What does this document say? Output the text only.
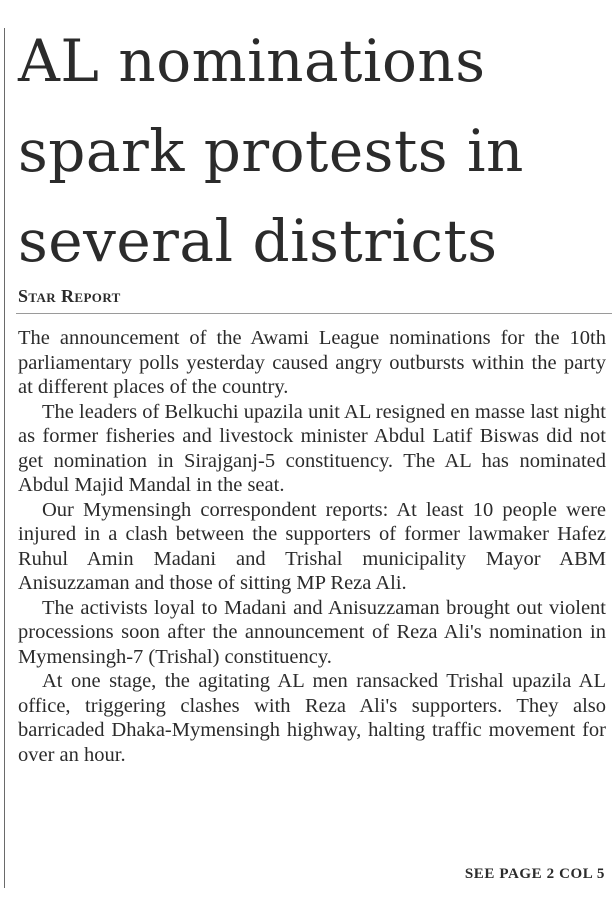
AL nominations spark protests in several districts
Star Report

The announcement of the Awami League nominations for the 10th parliamentary polls yesterday caused angry outbursts within the party at different places of the country.

The leaders of Belkuchi upazila unit AL resigned en masse last night as former fisheries and livestock minister Abdul Latif Biswas did not get nomination in Sirajganj-5 constituency. The AL has nominated Abdul Majid Mandal in the seat.

Our Mymensingh correspondent reports: At least 10 people were injured in a clash between the supporters of former lawmaker Hafez Ruhul Amin Madani and Trishal municipality Mayor ABM Anisuzzaman and those of sitting MP Reza Ali.

The activists loyal to Madani and Anisuzzaman brought out violent processions soon after the announcement of Reza Ali's nomination in Mymensingh-7 (Trishal) constituency.

At one stage, the agitating AL men ransacked Trishal upazila AL office, triggering clashes with Reza Ali's supporters. They also barricaded Dhaka-Mymensingh highway, halting traffic movement for over an hour.

SEE PAGE 2 COL 5
